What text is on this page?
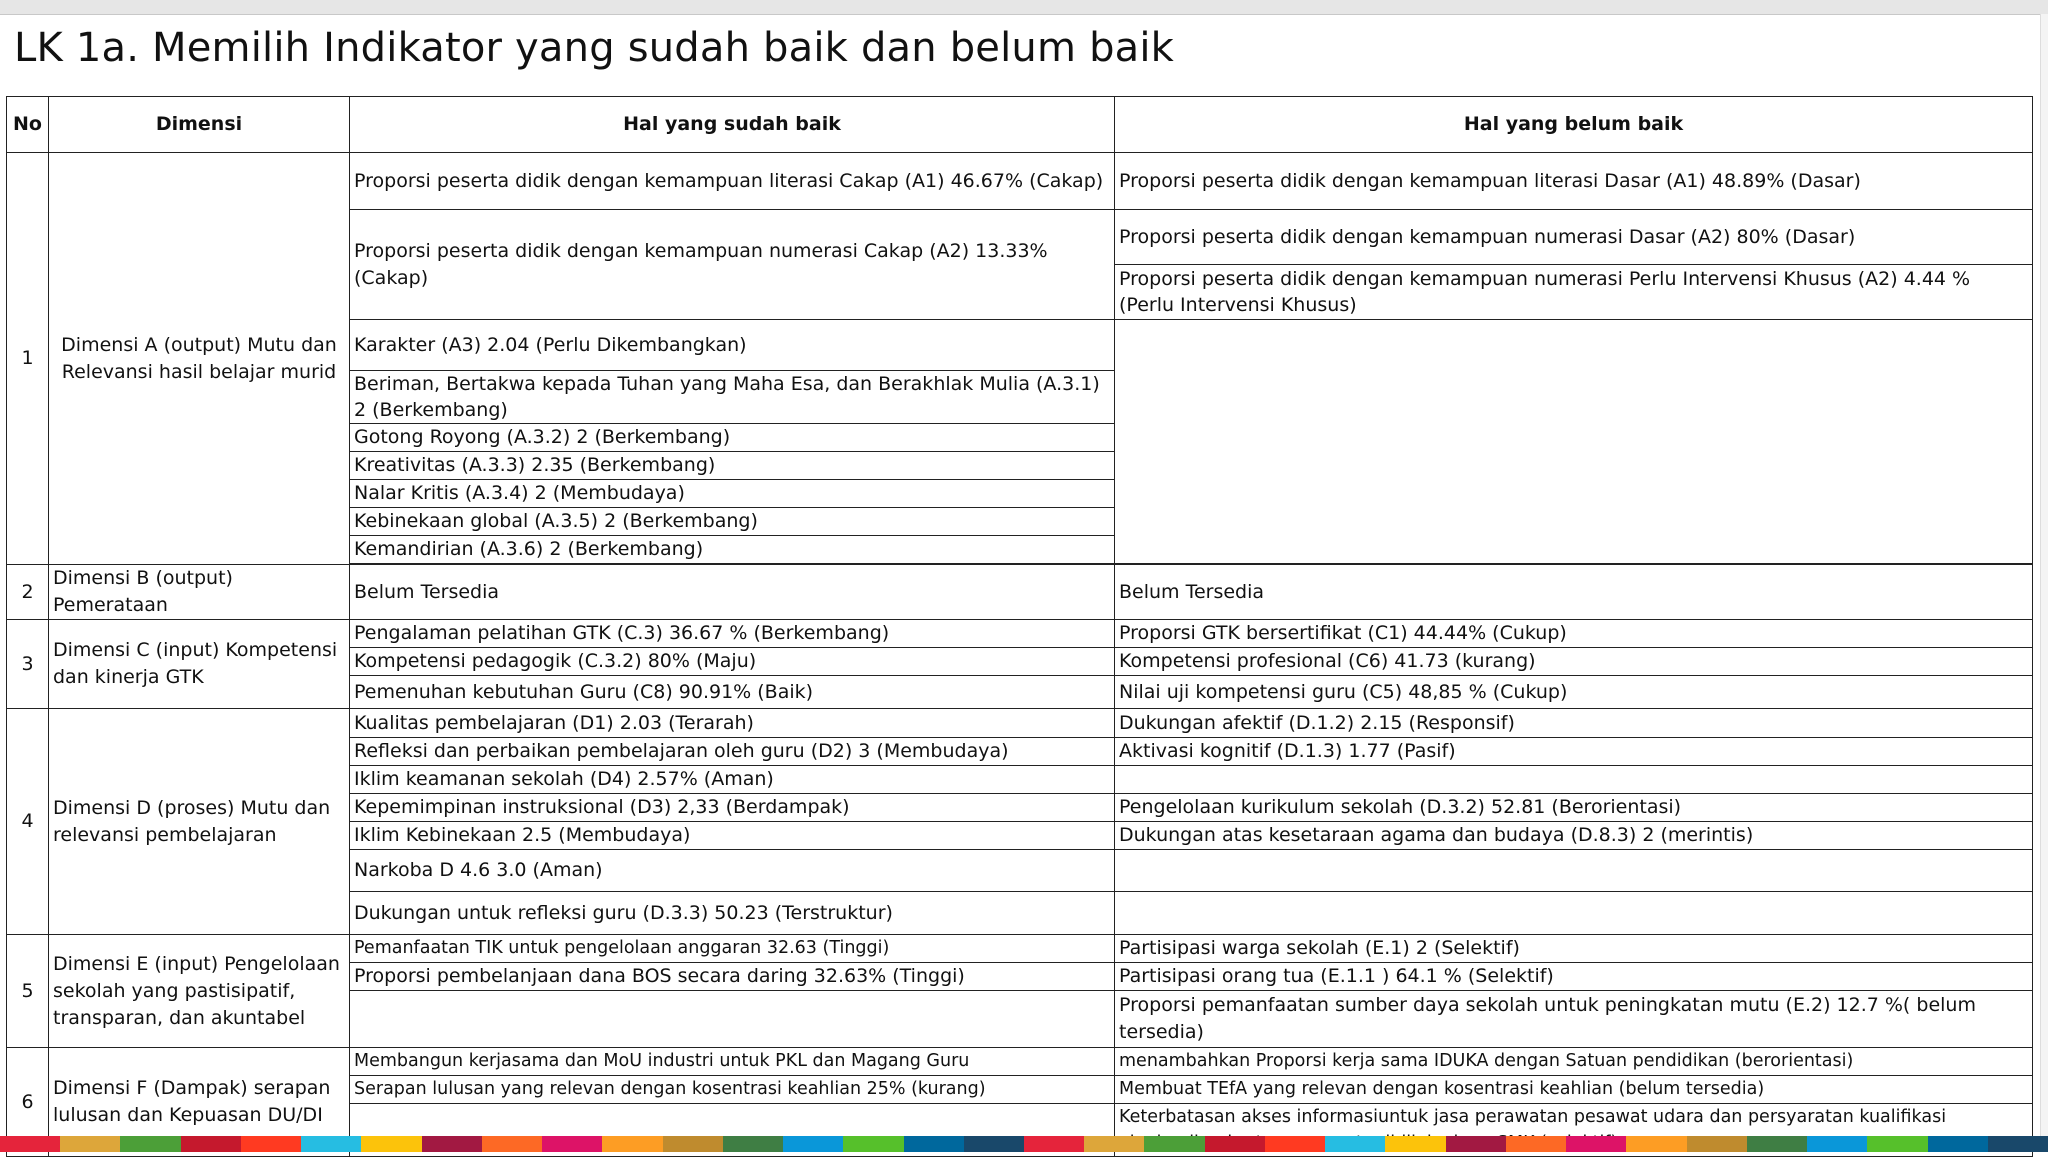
LK 1a. Memilih Indikator yang sudah baik dan belum baik
No	Dimensi	Hal yang sudah baik	Hal yang belum baik
1	Dimensi A (output) Mutu dan Relevansi hasil belajar murid	Proporsi peserta didik dengan kemampuan literasi Cakap (A1) 46.67% (Cakap)	Proporsi peserta didik dengan kemampuan literasi Dasar (A1) 48.89% (Dasar)
		Proporsi peserta didik dengan kemampuan numerasi Cakap (A2) 13.33% (Cakap)	Proporsi peserta didik dengan kemampuan numerasi Dasar (A2) 80% (Dasar)
			Proporsi peserta didik dengan kemampuan numerasi Perlu Intervensi Khusus (A2) 4.44 % (Perlu Intervensi Khusus)
		Karakter (A3) 2.04 (Perlu Dikembangkan)	
		Beriman, Bertakwa kepada Tuhan yang Maha Esa, dan Berakhlak Mulia (A.3.1) 2 (Berkembang)	
		Gotong Royong (A.3.2) 2 (Berkembang)	
		Kreativitas (A.3.3) 2.35 (Berkembang)	
		Nalar Kritis (A.3.4) 2 (Membudaya)	
		Kebinekaan global (A.3.5) 2 (Berkembang)	
		Kemandirian (A.3.6) 2 (Berkembang)	

2	Dimensi B (output) Pemerataan	Belum Tersedia	Belum Tersedia
3	Dimensi C (input) Kompetensi dan kinerja GTK	Pengalaman pelatihan GTK (C.3) 36.67 % (Berkembang)	Proporsi GTK bersertifikat (C1) 44.44% (Cukup)
		Kompetensi pedagogik (C.3.2) 80% (Maju)	Kompetensi profesional (C6) 41.73 (kurang)
		Pemenuhan kebutuhan Guru (C8) 90.91% (Baik)	Nilai uji kompetensi guru (C5) 48,85 % (Cukup)
4	Dimensi D (proses) Mutu dan relevansi pembelajaran	Kualitas pembelajaran (D1) 2.03 (Terarah)	Dukungan afektif (D.1.2) 2.15 (Responsif)
		Refleksi dan perbaikan pembelajaran oleh guru (D2) 3 (Membudaya)	Aktivasi kognitif (D.1.3) 1.77 (Pasif)
		Iklim keamanan sekolah (D4) 2.57% (Aman)	
		Kepemimpinan instruksional (D3) 2,33 (Berdampak)	Pengelolaan kurikulum sekolah (D.3.2) 52.81 (Berorientasi)
		Iklim Kebinekaan 2.5 (Membudaya)	Dukungan atas kesetaraan agama dan budaya (D.8.3) 2 (merintis)
		Narkoba D 4.6 3.0 (Aman)	
		Dukungan untuk refleksi guru (D.3.3) 50.23 (Terstruktur)	
5	Dimensi E (input) Pengelolaan sekolah yang pastisipatif, transparan, dan akuntabel	Pemanfaatan TIK untuk pengelolaan anggaran 32.63 (Tinggi)	Partisipasi warga sekolah (E.1) 2 (Selektif)
		Proporsi pembelanjaan dana BOS secara daring 32.63% (Tinggi)	Partisipasi orang tua (E.1.1 ) 64.1 % (Selektif)
			Proporsi pemanfaatan sumber daya sekolah untuk peningkatan mutu (E.2) 12.7 %( belum tersedia)
6	Dimensi F (Dampak) serapan lulusan dan Kepuasan DU/DI	Membangun kerjasama dan MoU industri untuk PKL dan Magang Guru	menambahkan Proporsi kerja sama IDUKA dengan Satuan pendidikan (berorientasi)
		Serapan lulusan yang relevan dengan kosentrasi keahlian 25% (kurang)	Membuat TEfA yang relevan dengan kosentrasi keahlian (belum tersedia)
			Keterbatasan akses informasiuntuk jasa perawatan pesawat udara dan persyaratan kualifikasi
